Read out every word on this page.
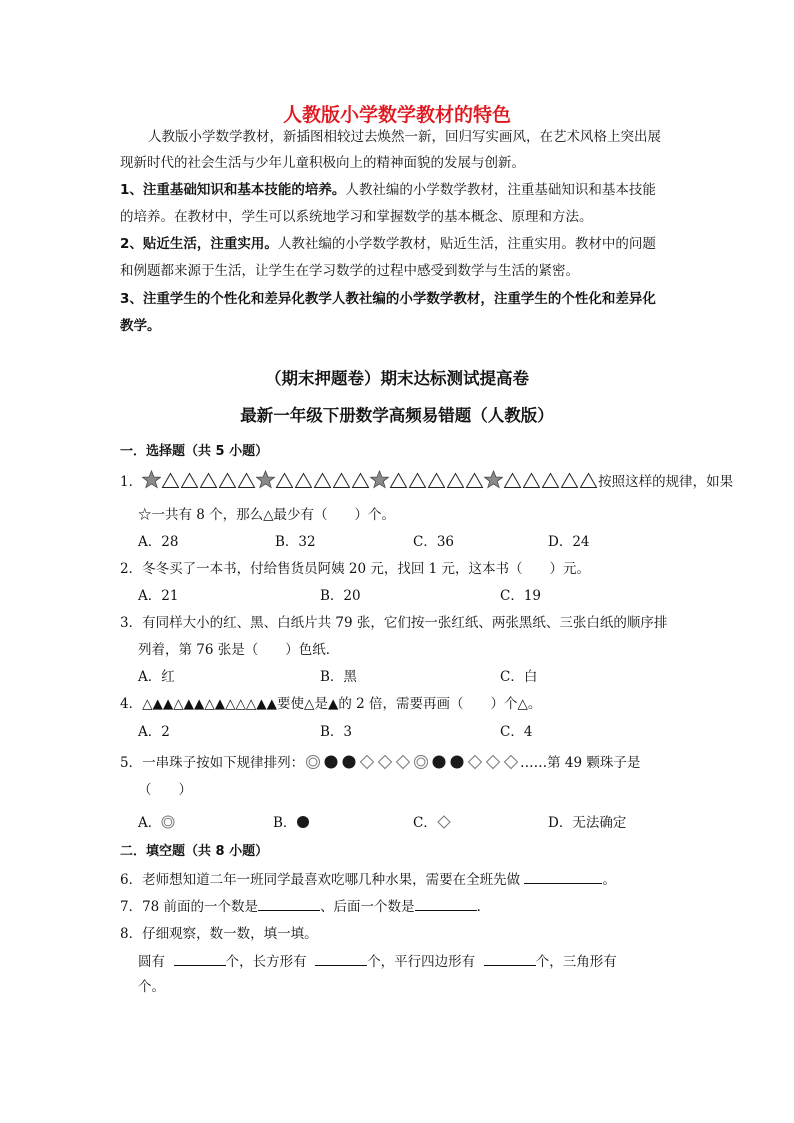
人教版小学数学教材的特色
人教版小学数学教材，新插图相较过去焕然一新，回归写实画风，在艺术风格上突出展
现新时代的社会生活与少年儿童积极向上的精神面貌的发展与创新。
1、注重基础知识和基本技能的培养。人教社编的小学数学教材，注重基础知识和基本技能
的培养。在教材中，学生可以系统地学习和掌握数学的基本概念、原理和方法。
2、贴近生活，注重实用。人教社编的小学数学教材，贴近生活，注重实用。教材中的问题
和例题都来源于生活，让学生在学习数学的过程中感受到数学与生活的紧密。
3、注重学生的个性化和差异化教学人教社编的小学数学教材，注重学生的个性化和差异化
教学。
（期末押题卷）期末达标测试提高卷
最新一年级下册数学高频易错题（人教版）
一．选择题（共 5 小题）
1．	按照这样的规律，如果
☆一共有 8 个，那么△最少有（　　）个。
A．28	B．32	C．36	D．24
2．冬冬买了一本书，付给售货员阿姨 20 元，找回 1 元，这本书（　　）元。
A．21	B．20	C．19
3．有同样大小的红、黑、白纸片共 79 张，它们按一张红纸、两张黑纸、三张白纸的顺序排
列着，第 76 张是（　　）色纸．
A．红	B．黑	C．白
4．△▲▲△▲▲△▲△△△▲▲要使△是▲的 2 倍，需要再画（　　）个△。
A．2	B．3	C．4
5．一串珠子按如下规律排列：	……第 49 颗珠子是
（　　）
A．	B．	C．	D．无法确定
二．填空题（共 8 小题）
6．老师想知道二年一班同学最喜欢吃哪几种水果，需要在全班先做	。
7．78 前面的一个数是	、后面一个数是	．
8．仔细观察，数一数，填一填。
圆有	个，长方形有	个，平行四边形有	个，三角形有
个。
